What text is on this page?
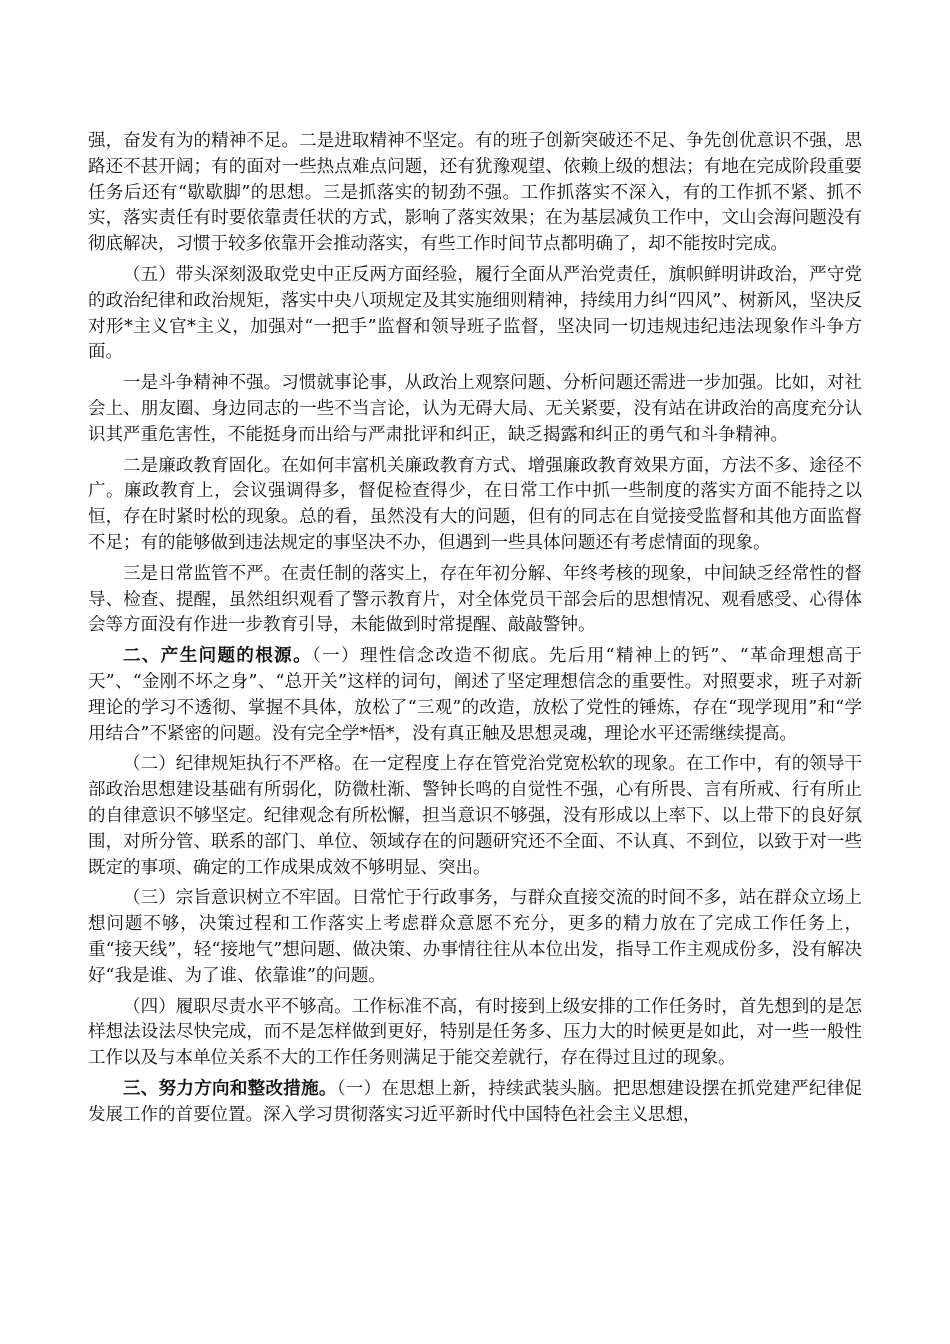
强，奋发有为的精神不足。二是进取精神不坚定。有的班子创新突破还不足、争先创优意识不强，思路还不甚开阔；有的面对一些热点难点问题，还有犹豫观望、依赖上级的想法；有地在完成阶段重要任务后还有“歇歇脚”的思想。三是抓落实的韧劲不强。工作抓落实不深入，有的工作抓不紧、抓不实，落实责任有时要依靠责任状的方式，影响了落实效果；在为基层减负工作中，文山会海问题没有彻底解决，习惯于较多依靠开会推动落实，有些工作时间节点都明确了，却不能按时完成。

（五）带头深刻汲取党史中正反两方面经验，履行全面从严治党责任，旗帜鲜明讲政治，严守党的政治纪律和政治规矩，落实中央八项规定及其实施细则精神，持续用力纠“四风”、树新风，坚决反对形*主义官*主义，加强对“一把手”监督和领导班子监督，坚决同一切违规违纪违法现象作斗争方面。

一是斗争精神不强。习惯就事论事，从政治上观察问题、分析问题还需进一步加强。比如，对社会上、朋友圈、身边同志的一些不当言论，认为无碍大局、无关紧要，没有站在讲政治的高度充分认识其严重危害性，不能挺身而出给与严肃批评和纠正，缺乏揭露和纠正的勇气和斗争精神。

二是廉政教育固化。在如何丰富机关廉政教育方式、增强廉政教育效果方面，方法不多、途径不广。廉政教育上，会议强调得多，督促检查得少，在日常工作中抓一些制度的落实方面不能持之以恒，存在时紧时松的现象。总的看，虽然没有大的问题，但有的同志在自觉接受监督和其他方面监督不足；有的能够做到违法规定的事坚决不办，但遇到一些具体问题还有考虑情面的现象。

三是日常监管不严。在责任制的落实上，存在年初分解、年终考核的现象，中间缺乏经常性的督导、检查、提醒，虽然组织观看了警示教育片，对全体党员干部会后的思想情况、观看感受、心得体会等方面没有作进一步教育引导，未能做到时常提醒、敲敲警钟。

二、产生问题的根源。（一）理性信念改造不彻底。先后用“精神上的钙”、“革命理想高于天”、“金刚不坏之身”、“总开关”这样的词句，阐述了坚定理想信念的重要性。对照要求，班子对新理论的学习不透彻、掌握不具体，放松了“三观”的改造，放松了党性的锤炼，存在“现学现用”和“学用结合”不紧密的问题。没有完全学*悟*，没有真正触及思想灵魂，理论水平还需继续提高。

（二）纪律规矩执行不严格。在一定程度上存在管党治党宽松软的现象。在工作中，有的领导干部政治思想建设基础有所弱化，防微杜渐、警钟长鸣的自觉性不强，心有所畏、言有所戒、行有所止的自律意识不够坚定。纪律观念有所松懈，担当意识不够强，没有形成以上率下、以上带下的良好氛围，对所分管、联系的部门、单位、领域存在的问题研究还不全面、不认真、不到位，以致于对一些既定的事项、确定的工作成果成效不够明显、突出。

（三）宗旨意识树立不牢固。日常忙于行政事务，与群众直接交流的时间不多，站在群众立场上想问题不够，决策过程和工作落实上考虑群众意愿不充分，更多的精力放在了完成工作任务上，重“接天线”，轻“接地气”想问题、做决策、办事情往往从本位出发，指导工作主观成份多，没有解决好“我是谁、为了谁、依靠谁”的问题。

（四）履职尽责水平不够高。工作标准不高，有时接到上级安排的工作任务时，首先想到的是怎样想法设法尽快完成，而不是怎样做到更好，特别是任务多、压力大的时候更是如此，对一些一般性工作以及与本单位关系不大的工作任务则满足于能交差就行，存在得过且过的现象。

三、努力方向和整改措施。（一）在思想上新，持续武装头脑。把思想建设摆在抓党建严纪律促发展工作的首要位置。深入学习贯彻落实习近平新时代中国特色社会主义思想，
